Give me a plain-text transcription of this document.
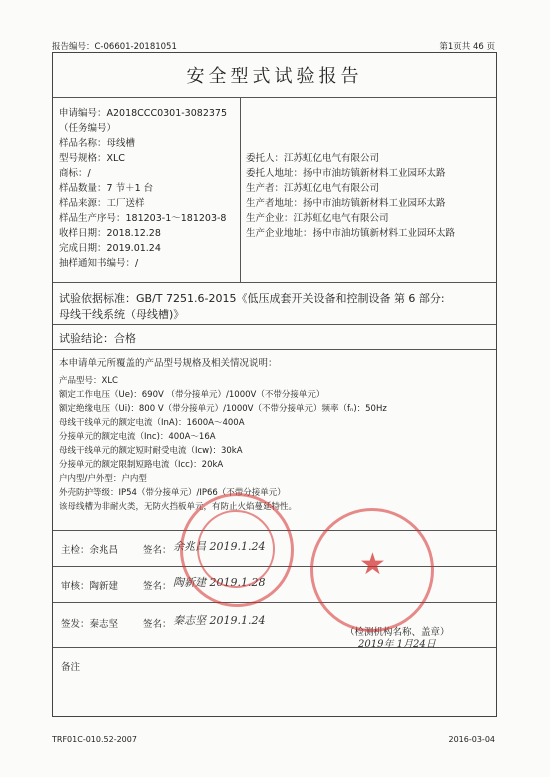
报告编号：C-06601-20181051	第1页共 46 页
安全型式试验报告
申请编号：A2018CCC0301-3082375
（任务编号）
样品名称：母线槽
型号规格：XLC
商标：/
样品数量：7 节＋1 台
样品来源：工厂送样
样品生产序号：181203-1～181203-8
收样日期：2018.12.28
完成日期：2019.01.24
抽样通知书编号：/
委托人：江苏虹亿电气有限公司
委托人地址：扬中市油坊镇新材料工业园环太路
生产者：江苏虹亿电气有限公司
生产者地址：扬中市油坊镇新材料工业园环太路
生产企业：江苏虹亿电气有限公司
生产企业地址：扬中市油坊镇新材料工业园环太路
试验依据标准：GB/T 7251.6-2015《低压成套开关设备和控制设备 第 6 部分:
母线干线系统（母线槽)》
试验结论：合格
本申请单元所覆盖的产品型号规格及相关情况说明：
产品型号：XLC
额定工作电压（Ue)：690V （带分接单元）/1000V（不带分接单元）
额定绝缘电压（Ui)：800 V（带分接单元）/1000V（不带分接单元）频率（fₙ)：50Hz
母线干线单元的额定电流（InA)：1600A～400A
分接单元的额定电流（Inc)：400A～16A
母线干线单元的额定短时耐受电流（Icw)：30kA
分接单元的额定限制短路电流（Icc)：20kA
户内型/户外型：户内型
外壳防护等级：IP54（带分接单元）/IP66（不带分接单元）
该母线槽为非耐火类，无防火挡板单元，有防止火焰蔓延特性。
主检：余兆昌	签名： 余兆昌 2019.1.24
审核：陶新建	签名： 陶新建 2019.1.28
签发：秦志坚	签名： 秦志坚 2019.1.24
（检测机构名称、盖章）
2019年 1月24日
备注
★
TRF01C-010.52-2007	2016-03-04
